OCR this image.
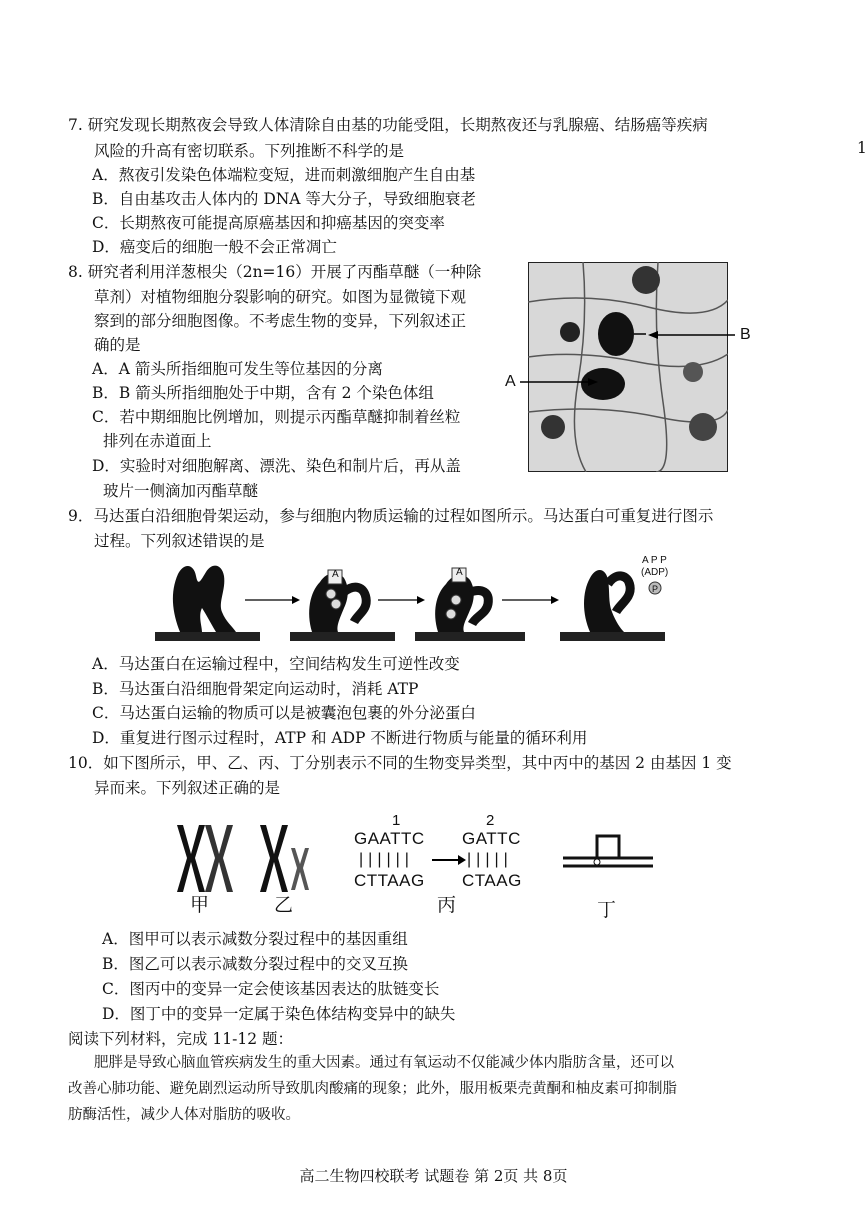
7. 研究发现长期熬夜会导致人体清除自由基的功能受阻，长期熬夜还与乳腺癌、结肠癌等疾病
风险的升高有密切联系。下列推断不科学的是
A．熬夜引发染色体端粒变短，进而刺激细胞产生自由基
B．自由基攻击人体内的 DNA 等大分子，导致细胞衰老
C．长期熬夜可能提高原癌基因和抑癌基因的突变率
D．癌变后的细胞一般不会正常凋亡
1
8. 研究者利用洋葱根尖（2n=16）开展了丙酯草醚（一种除
草剂）对植物细胞分裂影响的研究。如图为显微镜下观
察到的部分细胞图像。不考虑生物的变异，下列叙述正
确的是
A．A 箭头所指细胞可发生等位基因的分离
B．B 箭头所指细胞处于中期，含有 2 个染色体组
C．若中期细胞比例增加，则提示丙酯草醚抑制着丝粒
排列在赤道面上
D．实验时对细胞解离、漂洗、染色和制片后，再从盖
玻片一侧滴加丙酯草醚
B
A
9．马达蛋白沿细胞骨架运动，参与细胞内物质运输的过程如图所示。马达蛋白可重复进行图示
过程。下列叙述错误的是
A	A
A P P
(ADP)
P
A．马达蛋白在运输过程中，空间结构发生可逆性改变
B．马达蛋白沿细胞骨架定向运动时，消耗 ATP
C．马达蛋白运输的物质可以是被囊泡包裹的外分泌蛋白
D．重复进行图示过程时，ATP 和 ADP 不断进行物质与能量的循环利用
10．如下图所示，甲、乙、丙、丁分别表示不同的生物变异类型，其中丙中的基因 2 由基因 1 变
异而来。下列叙述正确的是
1	2
GAATTC GATTC
||||||	|||||
CTTAAG CTAAG
甲	乙	丙	丁
A．图甲可以表示减数分裂过程中的基因重组
B．图乙可以表示减数分裂过程中的交叉互换
C．图丙中的变异一定会使该基因表达的肽链变长
D．图丁中的变异一定属于染色体结构变异中的缺失
阅读下列材料，完成 11-12 题：
肥胖是导致心脑血管疾病发生的重大因素。通过有氧运动不仅能减少体内脂肪含量，还可以
改善心肺功能、避免剧烈运动所导致肌肉酸痛的现象；此外，服用板栗壳黄酮和柚皮素可抑制脂
肪酶活性，减少人体对脂肪的吸收。
高二生物四校联考 试题卷 第 2页 共 8页
